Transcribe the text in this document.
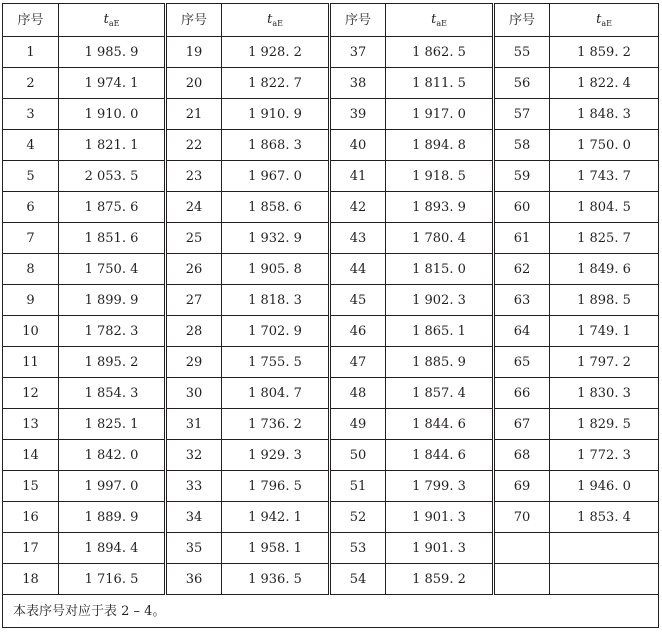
序号	$t_{aE}$	序号	$t_{aE}$	序号	$t_{aE}$	序号	$t_{aE}$
1	1 985. 9	19	1 928. 2	37	1 862. 5	55	1 859. 2
2	1 974. 1	20	1 822. 7	38	1 811. 5	56	1 822. 4
3	1 910. 0	21	1 910. 9	39	1 917. 0	57	1 848. 3
4	1 821. 1	22	1 868. 3	40	1 894. 8	58	1 750. 0
5	2 053. 5	23	1 967. 0	41	1 918. 5	59	1 743. 7
6	1 875. 6	24	1 858. 6	42	1 893. 9	60	1 804. 5
7	1 851. 6	25	1 932. 9	43	1 780. 4	61	1 825. 7
8	1 750. 4	26	1 905. 8	44	1 815. 0	62	1 849. 6
9	1 899. 9	27	1 818. 3	45	1 902. 3	63	1 898. 5
10	1 782. 3	28	1 702. 9	46	1 865. 1	64	1 749. 1
11	1 895. 2	29	1 755. 5	47	1 885. 9	65	1 797. 2
12	1 854. 3	30	1 804. 7	48	1 857. 4	66	1 830. 3
13	1 825. 1	31	1 736. 2	49	1 844. 6	67	1 829. 5
14	1 842. 0	32	1 929. 3	50	1 844. 6	68	1 772. 3
15	1 997. 0	33	1 796. 5	51	1 799. 3	69	1 946. 0
16	1 889. 9	34	1 942. 1	52	1 901. 3	70	1 853. 4
17	1 894. 4	35	1 958. 1	53	1 901. 3		
18	1 716. 5	36	1 936. 5	54	1 859. 2		
本表序号对应于表 2 – 4。							
